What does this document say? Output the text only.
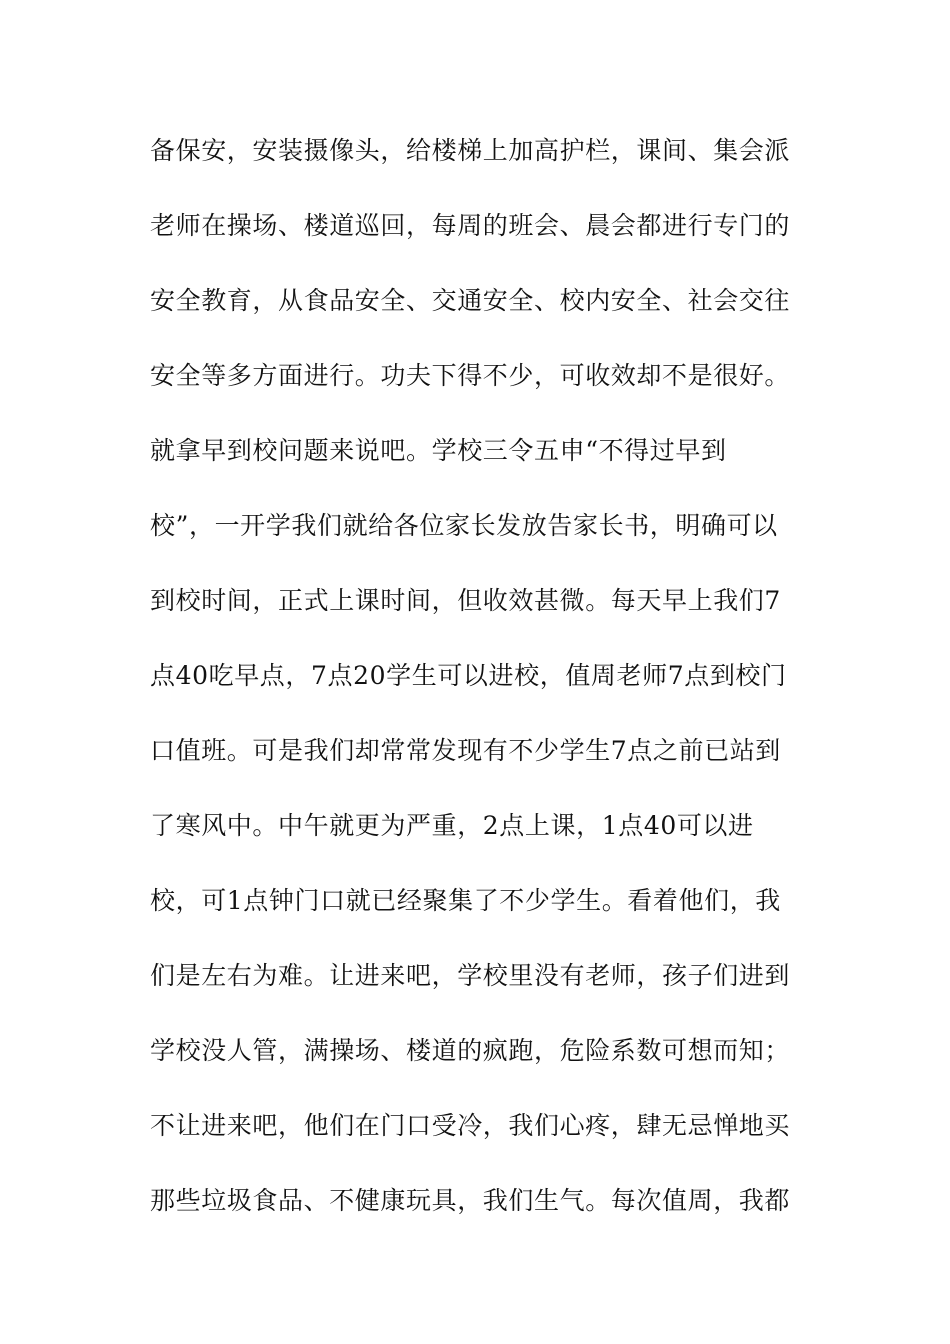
备保安，安装摄像头，给楼梯上加高护栏，课间、集会派
老师在操场、楼道巡回，每周的班会、晨会都进行专门的
安全教育，从食品安全、交通安全、校内安全、社会交往
安全等多方面进行。功夫下得不少，可收效却不是很好。
就拿早到校问题来说吧。学校三令五申“不得过早到
校”，一开学我们就给各位家长发放告家长书，明确可以
到校时间，正式上课时间，但收效甚微。每天早上我们7
点40吃早点，7点20学生可以进校，值周老师7点到校门
口值班。可是我们却常常发现有不少学生7点之前已站到
了寒风中。中午就更为严重，2点上课，1点40可以进
校，可1点钟门口就已经聚集了不少学生。看着他们，我
们是左右为难。让进来吧，学校里没有老师，孩子们进到
学校没人管，满操场、楼道的疯跑，危险系数可想而知；
不让进来吧，他们在门口受冷，我们心疼，肆无忌惮地买
那些垃圾食品、不健康玩具，我们生气。每次值周，我都
